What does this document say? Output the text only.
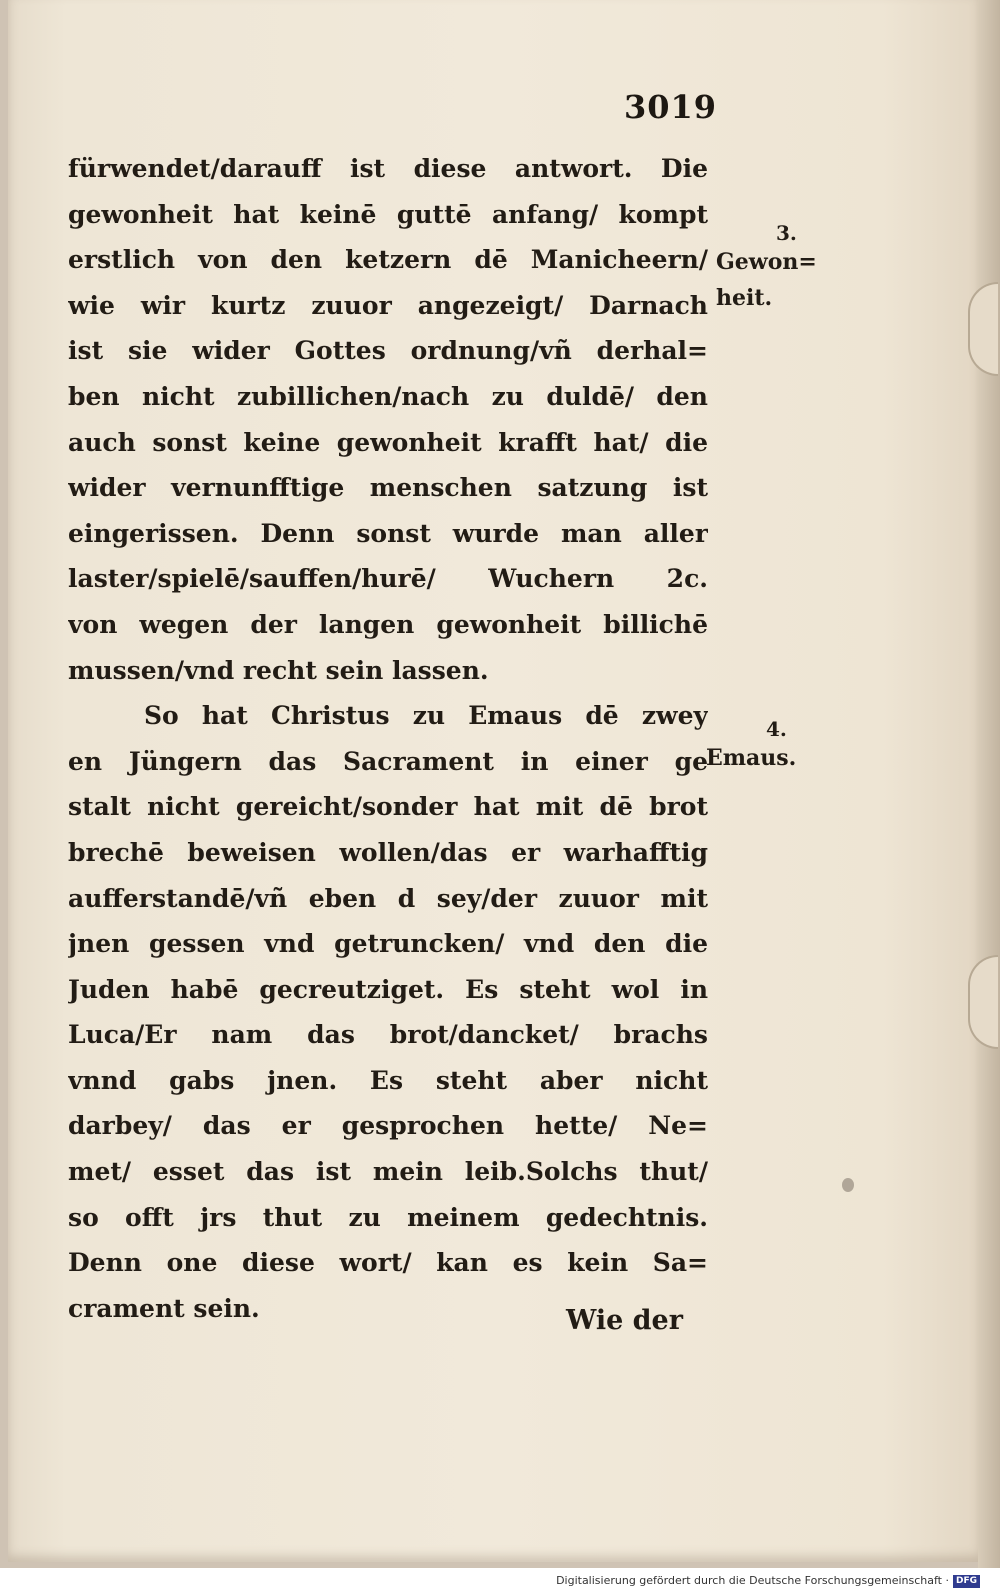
3019
fürwendet/darauff ist diese antwort. Die
gewonheit hat keinē guttē anfang/ kompt
erstlich von den ketzern dē Manicheern/
wie wir kurtz zuuor angezeigt/ Darnach
ist sie wider Gottes ordnung/vñ derhal=
ben nicht zubillichen/nach zu duldē/ den
auch sonst keine gewonheit krafft hat/ die
wider vernunfftige menschen satzung ist
eingerissen. Denn sonst wurde man aller
laster/spielē/sauffen/hurē/ Wuchern 2c.
von wegen der langen gewonheit billichē
mussen/vnd recht sein lassen.
So hat Christus zu Emaus dē zwey
en Jüngern das Sacrament in einer ge
stalt nicht gereicht/sonder hat mit dē brot
brechē beweisen wollen/das er warhafftig
aufferstandē/vñ eben d sey/der zuuor mit
jnen gessen vnd getruncken/ vnd den die
Juden habē gecreutziget. Es steht wol in
Luca/Er nam das brot/dancket/ brachs
vnnd gabs jnen. Es steht aber nicht
darbey/ das er gesprochen hette/ Ne=
met/ esset das ist mein leib.Solchs thut/
so offt jrs thut zu meinem gedechtnis.
Denn one diese wort/ kan es kein Sa=
crament sein.	Wie der
3.
Gewon= heit.
4.
Emaus.
Digitalisierung gefördert durch die Deutsche Forschungsgemeinschaft · DFG
